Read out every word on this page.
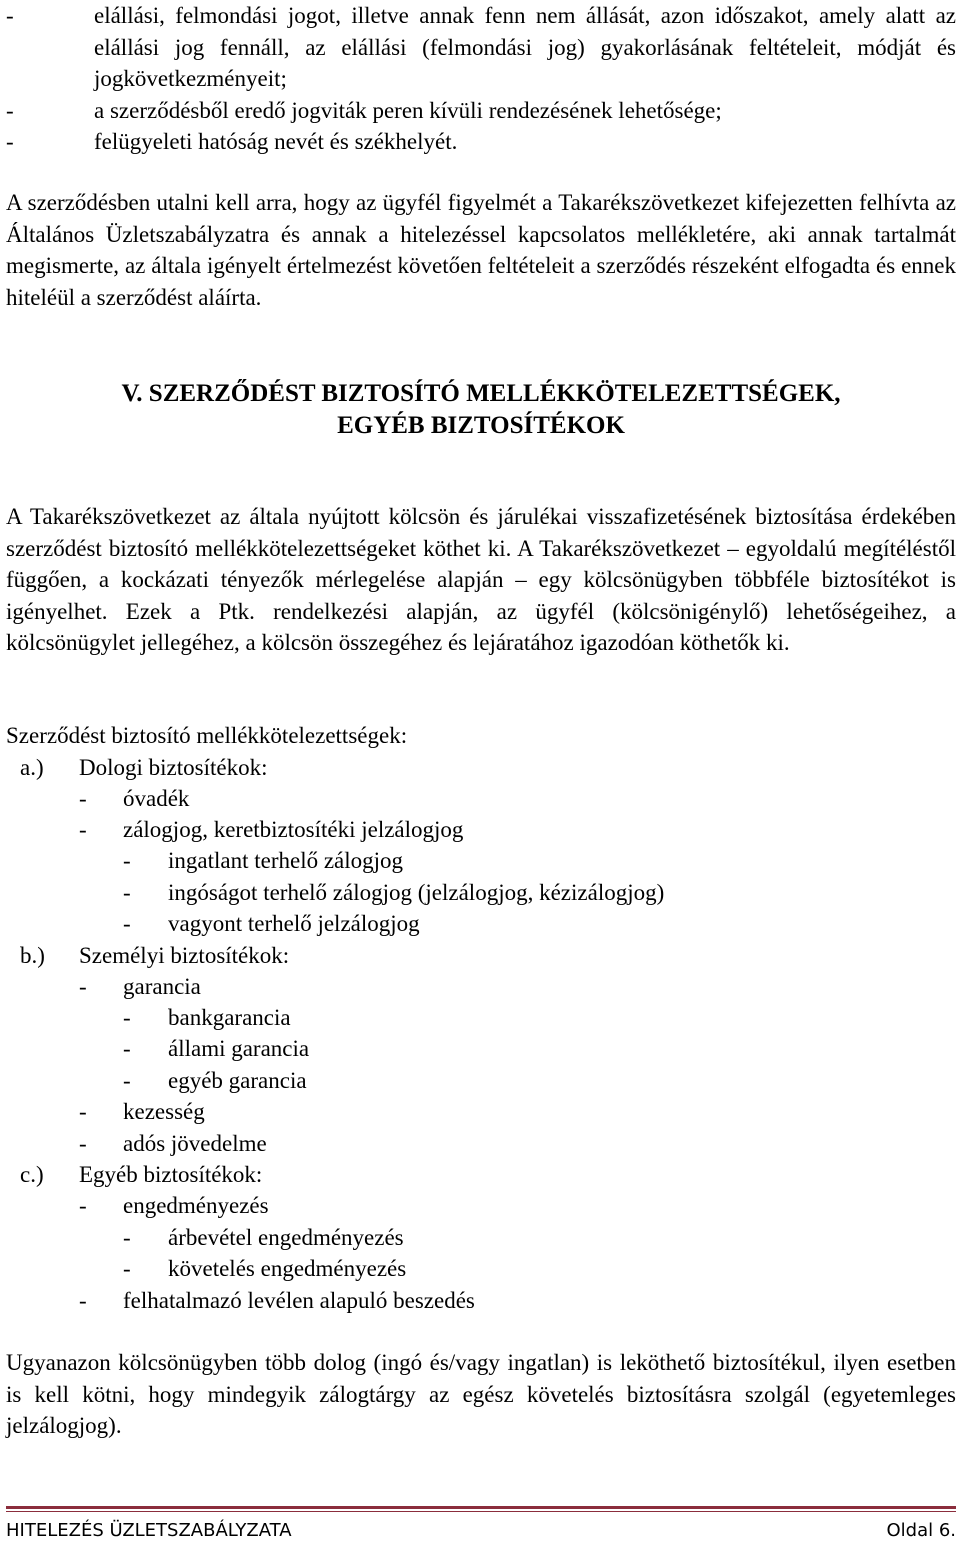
-	elállási, felmondási jogot, illetve annak fenn nem állását, azon időszakot, amely alatt az elállási jog fennáll, az elállási (felmondási jog) gyakorlásának feltételeit, módját és jogkövetkezményeit;
-	a szerződésből eredő jogviták peren kívüli rendezésének lehetősége;
-	felügyeleti hatóság nevét és székhelyét.

A szerződésben utalni kell arra, hogy az ügyfél figyelmét a Takarékszövetkezet kifejezetten felhívta az Általános Üzletszabályzatra és annak a hitelezéssel kapcsolatos mellékletére, aki annak tartalmát megismerte, az általa igényelt értelmezést követően feltételeit a szerződés részeként elfogadta és ennek hiteléül a szerződést aláírta.

V. SZERZŐDÉST BIZTOSÍTÓ MELLÉKKÖTELEZETTSÉGEK,
EGYÉB BIZTOSÍTÉKOK

A Takarékszövetkezet az általa nyújtott kölcsön és járulékai visszafizetésének biztosítása érdekében szerződést biztosító mellékkötelezettségeket köthet ki. A Takarékszövetkezet – egyoldalú megítéléstől függően, a kockázati tényezők mérlegelése alapján – egy kölcsönügyben többféle biztosítékot is igényelhet. Ezek a Ptk. rendelkezési alapján, az ügyfél (kölcsönigénylő) lehetőségeihez, a kölcsönügylet jellegéhez, a kölcsön összegéhez és lejáratához igazodóan köthetők ki.

Szerződést biztosító mellékkötelezettségek:
a.) Dologi biztosítékok:
- óvadék
- zálogjog, keretbiztosítéki jelzálogjog
- ingatlant terhelő zálogjog
- ingóságot terhelő zálogjog (jelzálogjog, kézizálogjog)
- vagyont terhelő jelzálogjog
b.) Személyi biztosítékok:
- garancia
- bankgarancia
- állami garancia
- egyéb garancia
- kezesség
- adós jövedelme
c.) Egyéb biztosítékok:
- engedményezés
- árbevétel engedményezés
- követelés engedményezés
- felhatalmazó levélen alapuló beszedés

Ugyanazon kölcsönügyben több dolog (ingó és/vagy ingatlan) is leköthető biztosítékul, ilyen esetben is kell kötni, hogy mindegyik zálogtárgy az egész követelés biztosításra szolgál (egyetemleges jelzálogjog).

HITELEZÉS ÜZLETSZABÁLYZATA	Oldal 6.
